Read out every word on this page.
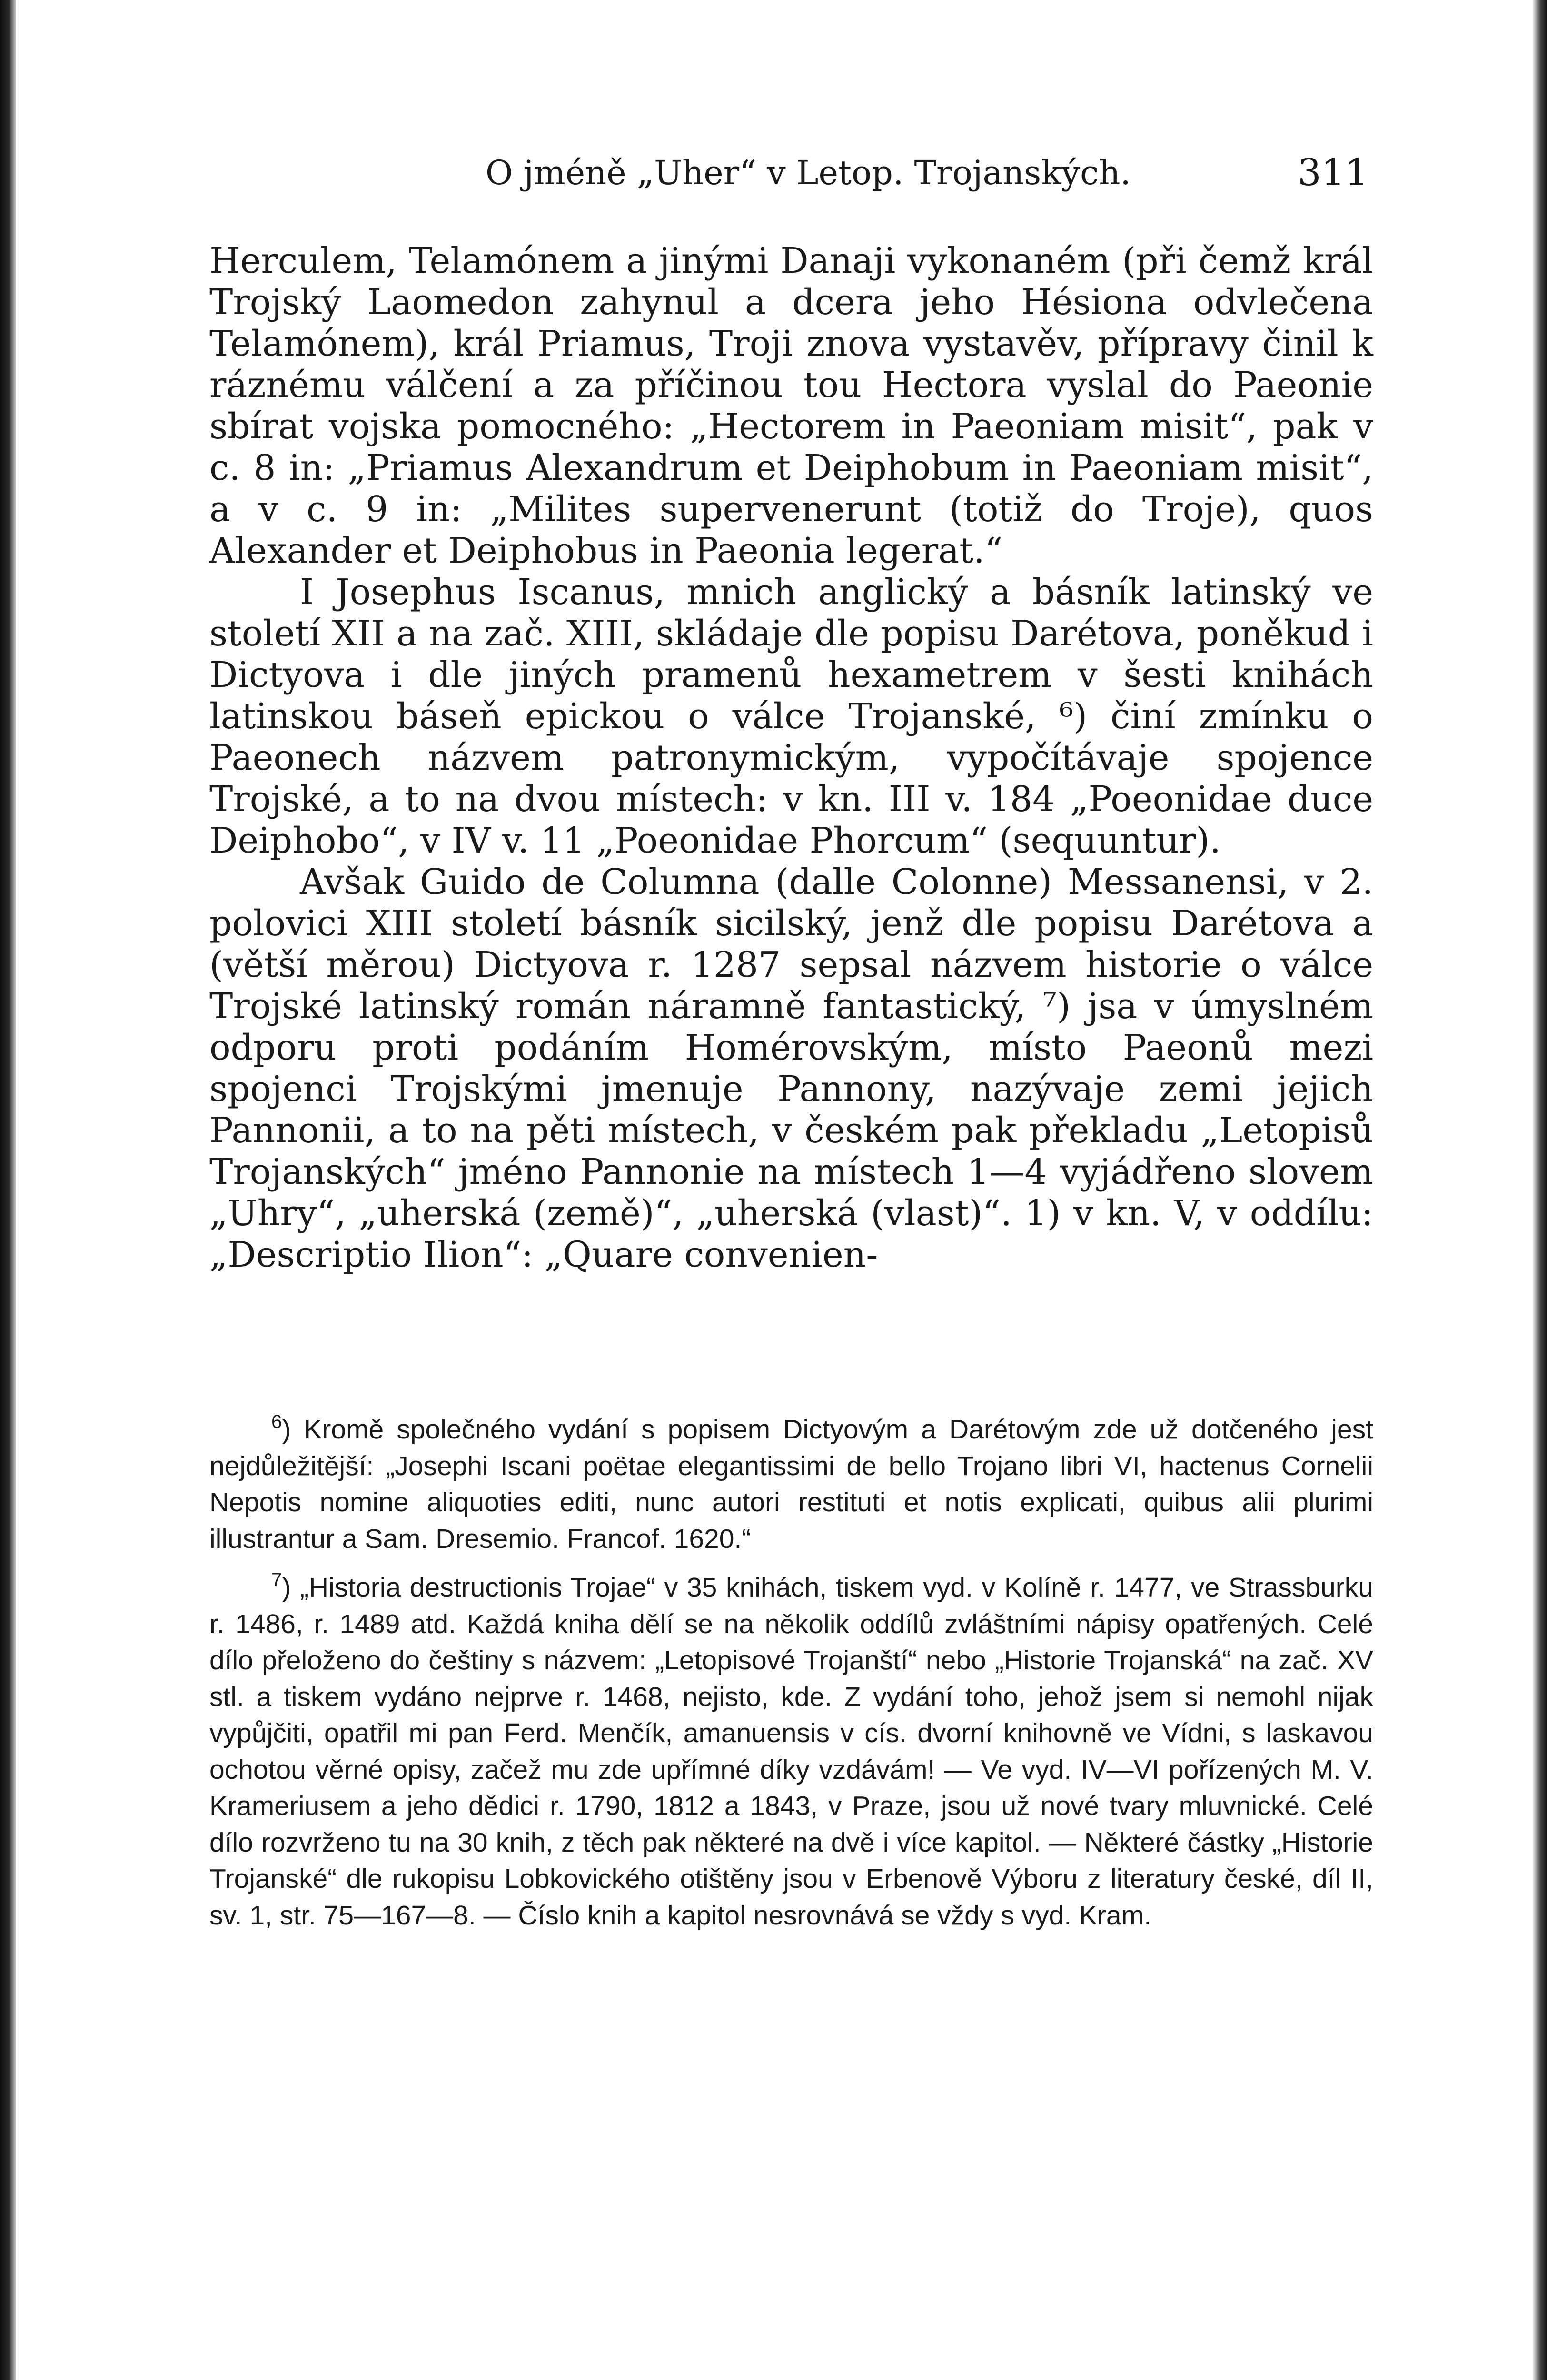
O jméně „Uher“ v Letop. Trojanských.	311

Herculem, Telamónem a jinými Danaji vykonaném (při čemž král Trojský Laomedon zahynul a dcera jeho Hésiona odvlečena Telamónem), král Priamus, Troji znova vystavěv, přípravy činil k ráznému válčení a za příčinou tou Hectora vyslal do Paeonie sbírat vojska pomocného: „Hectorem in Paeoniam misit“, pak v c. 8 in: „Priamus Alexandrum et Deiphobum in Paeoniam misit“, a v c. 9 in: „Milites supervenerunt (totiž do Troje), quos Alexander et Deiphobus in Paeonia legerat.“

I Josephus Iscanus, mnich anglický a básník latinský ve století XII a na zač. XIII, skládaje dle popisu Darétova, poněkud i Dictyova i dle jiných pramenů hexametrem v šesti knihách latinskou báseň epickou o válce Trojanské, ⁶) činí zmínku o Paeonech názvem patronymickým, vypočítávaje spojence Trojské, a to na dvou místech: v kn. III v. 184 „Poeonidae duce Deiphobo“, v IV v. 11 „Poeonidae Phorcum“ (sequuntur).

Avšak Guido de Columna (dalle Colonne) Messanensi, v 2. polovici XIII století básník sicilský, jenž dle popisu Darétova a (větší měrou) Dictyova r. 1287 sepsal názvem historie o válce Trojské latinský román náramně fantastický, ⁷) jsa v úmyslném odporu proti podáním Homérovským, místo Paeonů mezi spojenci Trojskými jmenuje Pannony, nazývaje zemi jejich Pannonii, a to na pěti místech, v českém pak překladu „Letopisů Trojanských“ jméno Pannonie na místech 1—4 vyjádřeno slovem „Uhry“, „uherská (země)“, „uherská (vlast)“. 1) v kn. V, v oddílu: „Descriptio Ilion“: „Quare convenien-

$^6$) Kromě společného vydání s popisem Dictyovým a Darétovým zde už dotčeného jest nejdůležitější: „Josephi Iscani poëtae elegantissimi de bello Trojano libri VI, hactenus Cornelii Nepotis nomine aliquoties editi, nunc autori restituti et notis explicati, quibus alii plurimi illustrantur a Sam. Dresemio. Francof. 1620.“

$^7$) „Historia destructionis Trojae“ v 35 knihách, tiskem vyd. v Kolíně r. 1477, ve Strassburku r. 1486, r. 1489 atd. Každá kniha dělí se na několik oddílů zvláštními nápisy opatřených. Celé dílo přeloženo do češtiny s názvem: „Letopisové Trojanští“ nebo „Historie Trojanská“ na zač. XV stl. a tiskem vydáno nejprve r. 1468, nejisto, kde. Z vydání toho, jehož jsem si nemohl nijak vypůjčiti, opatřil mi pan Ferd. Menčík, amanuensis v cís. dvorní knihovně ve Vídni, s laskavou ochotou věrné opisy, začež mu zde upřímné díky vzdávám! — Ve vyd. IV—VI pořízených M. V. Krameriusem a jeho dědici r. 1790, 1812 a 1843, v Praze, jsou už nové tvary mluvnické. Celé dílo rozvrženo tu na 30 knih, z těch pak některé na dvě i více kapitol. — Některé částky „Historie Trojanské“ dle rukopisu Lobkovického otištěny jsou v Erbenově Výboru z literatury české, díl II, sv. 1, str. 75—167—8. — Číslo knih a kapitol nesrovnává se vždy s vyd. Kram.
